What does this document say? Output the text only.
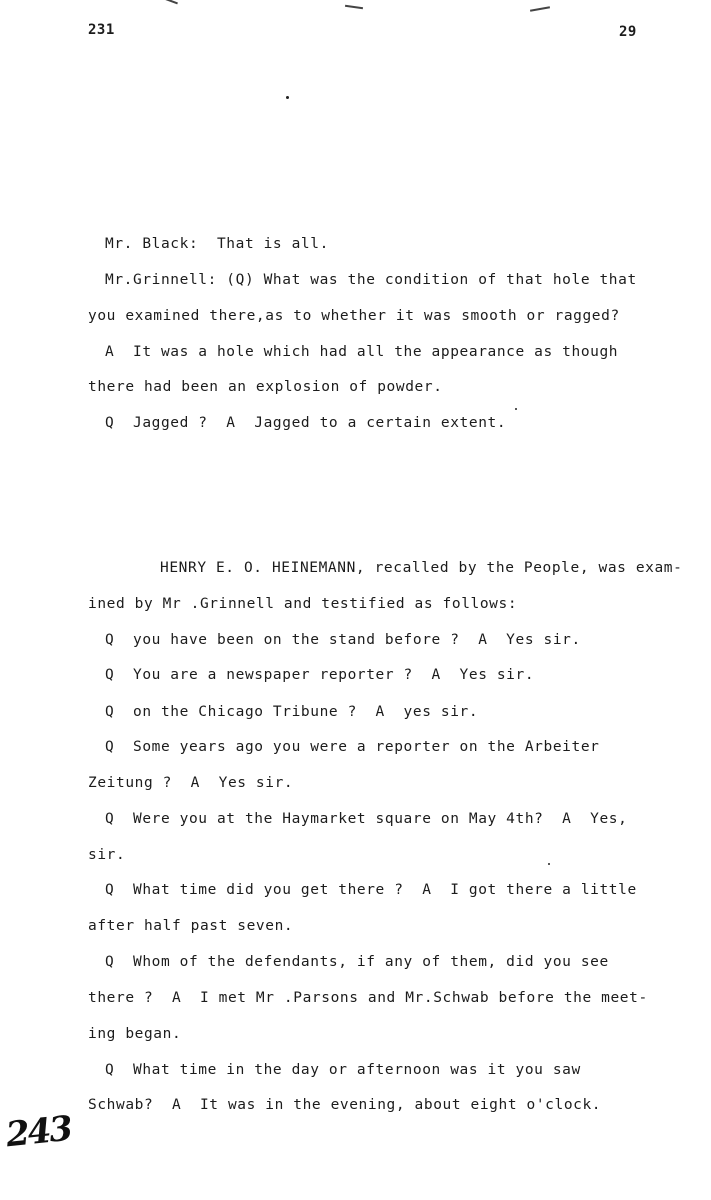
231	29
Mr. Black:  That is all.
Mr.Grinnell: (Q) What was the condition of that hole that
you examined there,as to whether it was smooth or ragged?
A  It was a hole which had all the appearance as though
there had been an explosion of powder.
Q  Jagged ?  A  Jagged to a certain extent.
HENRY E. O. HEINEMANN, recalled by the People, was exam-
ined by Mr .Grinnell and testified as follows:
Q  you have been on the stand before ?  A  Yes sir.
Q  You are a newspaper reporter ?  A  Yes sir.
Q  on the Chicago Tribune ?  A  yes sir.
Q  Some years ago you were a reporter on the Arbeiter
Zeitung ?  A  Yes sir.
Q  Were you at the Haymarket square on May 4th?  A  Yes,
sir.
Q  What time did you get there ?  A  I got there a little
after half past seven.
Q  Whom of the defendants, if any of them, did you see
there ?  A  I met Mr .Parsons and Mr.Schwab before the meet-
ing began.
Q  What time in the day or afternoon was it you saw
Schwab?  A  It was in the evening, about eight o'clock.
243
